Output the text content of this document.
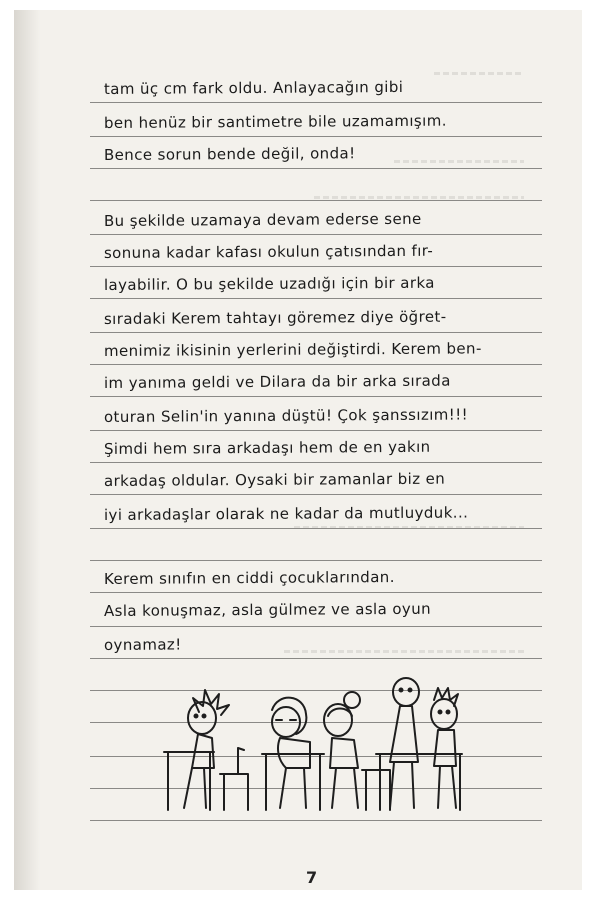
tam üç cm fark oldu. Anlayacağın gibi
ben henüz bir santimetre bile uzamamışım.
Bence sorun bende değil, onda!
Bu şekilde uzamaya devam ederse sene
sonuna kadar kafası okulun çatısından fır-
layabilir. O bu şekilde uzadığı için bir arka
sıradaki Kerem tahtayı göremez diye öğret-
menimiz ikisinin yerlerini değiştirdi. Kerem ben-
im yanıma geldi ve Dilara da bir arka sırada
oturan Selin'in yanına düştü! Çok şanssızım!!!
Şimdi hem sıra arkadaşı hem de en yakın
arkadaş oldular. Oysaki bir zamanlar biz en
iyi arkadaşlar olarak ne kadar da mutluyduk...
Kerem sınıfın en ciddi çocuklarından.
Asla konuşmaz, asla gülmez ve asla oyun
oynamaz!
7
